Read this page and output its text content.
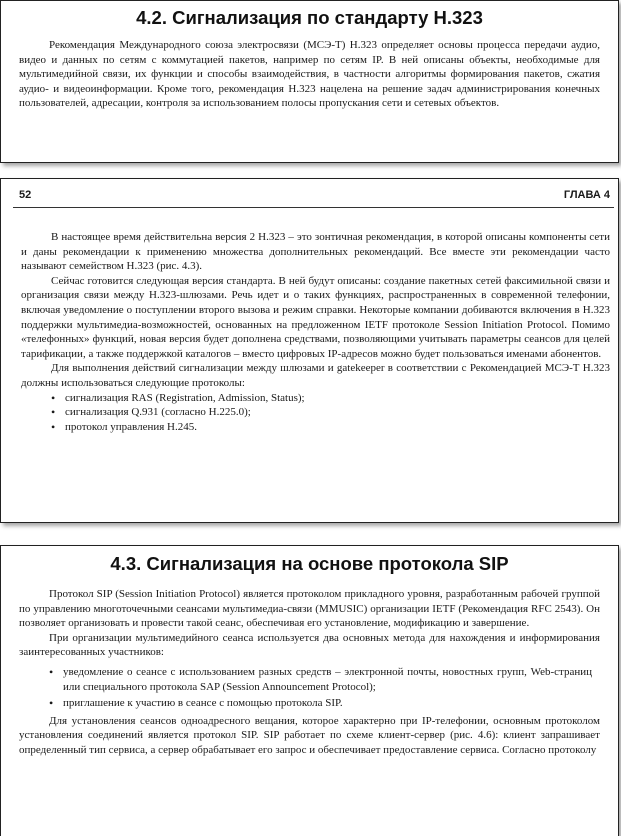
4.2. Сигнализация по стандарту H.323

Рекомендация Международного союза электросвязи (МСЭ-Т) H.323 определяет основы процесса передачи аудио, видео и данных по сетям с коммутацией пакетов, например по сетям IP. В ней описаны объекты, необходимые для мультимедийной связи, их функции и способы взаимодействия, в частности алгоритмы формирования пакетов, сжатия аудио- и видеоинформации. Кроме того, рекомендация H.323 нацелена на решение задач администрирования конечных пользователей, адресации, контроля за использованием полосы пропускания сети и сетевых объектов.

52	ГЛАВА 4

В настоящее время действительна версия 2 H.323 – это зонтичная рекомендация, в которой описаны компоненты сети и даны рекомендации к применению множества дополнительных рекомендаций. Все вместе эти рекомендации часто называют семейством H.323 (рис. 4.3).

Сейчас готовится следующая версия стандарта. В ней будут описаны: создание пакетных сетей факсимильной связи и организация связи между H.323-шлюзами. Речь идет и о таких функциях, распространенных в современной телефонии, включая уведомление о поступлении второго вызова и режим справки. Некоторые компании добиваются включения в H.323 поддержки мультимедиа-возможностей, основанных на предложенном IETF протоколе Session Initiation Protocol. Помимо «телефонных» функций, новая версия будет дополнена средствами, позволяющими учитывать параметры сеансов для целей тарификации, а также поддержкой каталогов – вместо цифровых IP-адресов можно будет пользоваться именами абонентов.

Для выполнения действий сигнализации между шлюзами и gatekeeper в соответствии с Рекомендацией МСЭ-Т H.323 должны использоваться следующие протоколы:

• сигнализация RAS (Registration, Admission, Status);
• сигнализация Q.931 (согласно H.225.0);
• протокол управления H.245.
4.3. Сигнализация на основе протокола SIP

Протокол SIP (Session Initiation Protocol) является протоколом прикладного уровня, разработанным рабочей группой по управлению многоточечными сеансами мультимедиа-связи (MMUSIC) организации IETF (Рекомендация RFC 2543). Он позволяет организовать и провести такой сеанс, обеспечивая его установление, модификацию и завершение.

При организации мультимедийного сеанса используется два основных метода для нахождения и информирования заинтересованных участников:

• уведомление о сеансе с использованием разных средств – электронной почты, новостных групп, Web-страниц или специального протокола SAP (Session Announcement Protocol);
• приглашение к участию в сеансе с помощью протокола SIP.

Для установления сеансов одноадресного вещания, которое характерно при IP-телефонии, основным протоколом установления соединений является протокол SIP. SIP работает по схеме клиент-сервер (рис. 4.6): клиент запрашивает определенный тип сервиса, а сервер обрабатывает его запрос и обеспечивает предоставление сервиса. Согласно протоколу
